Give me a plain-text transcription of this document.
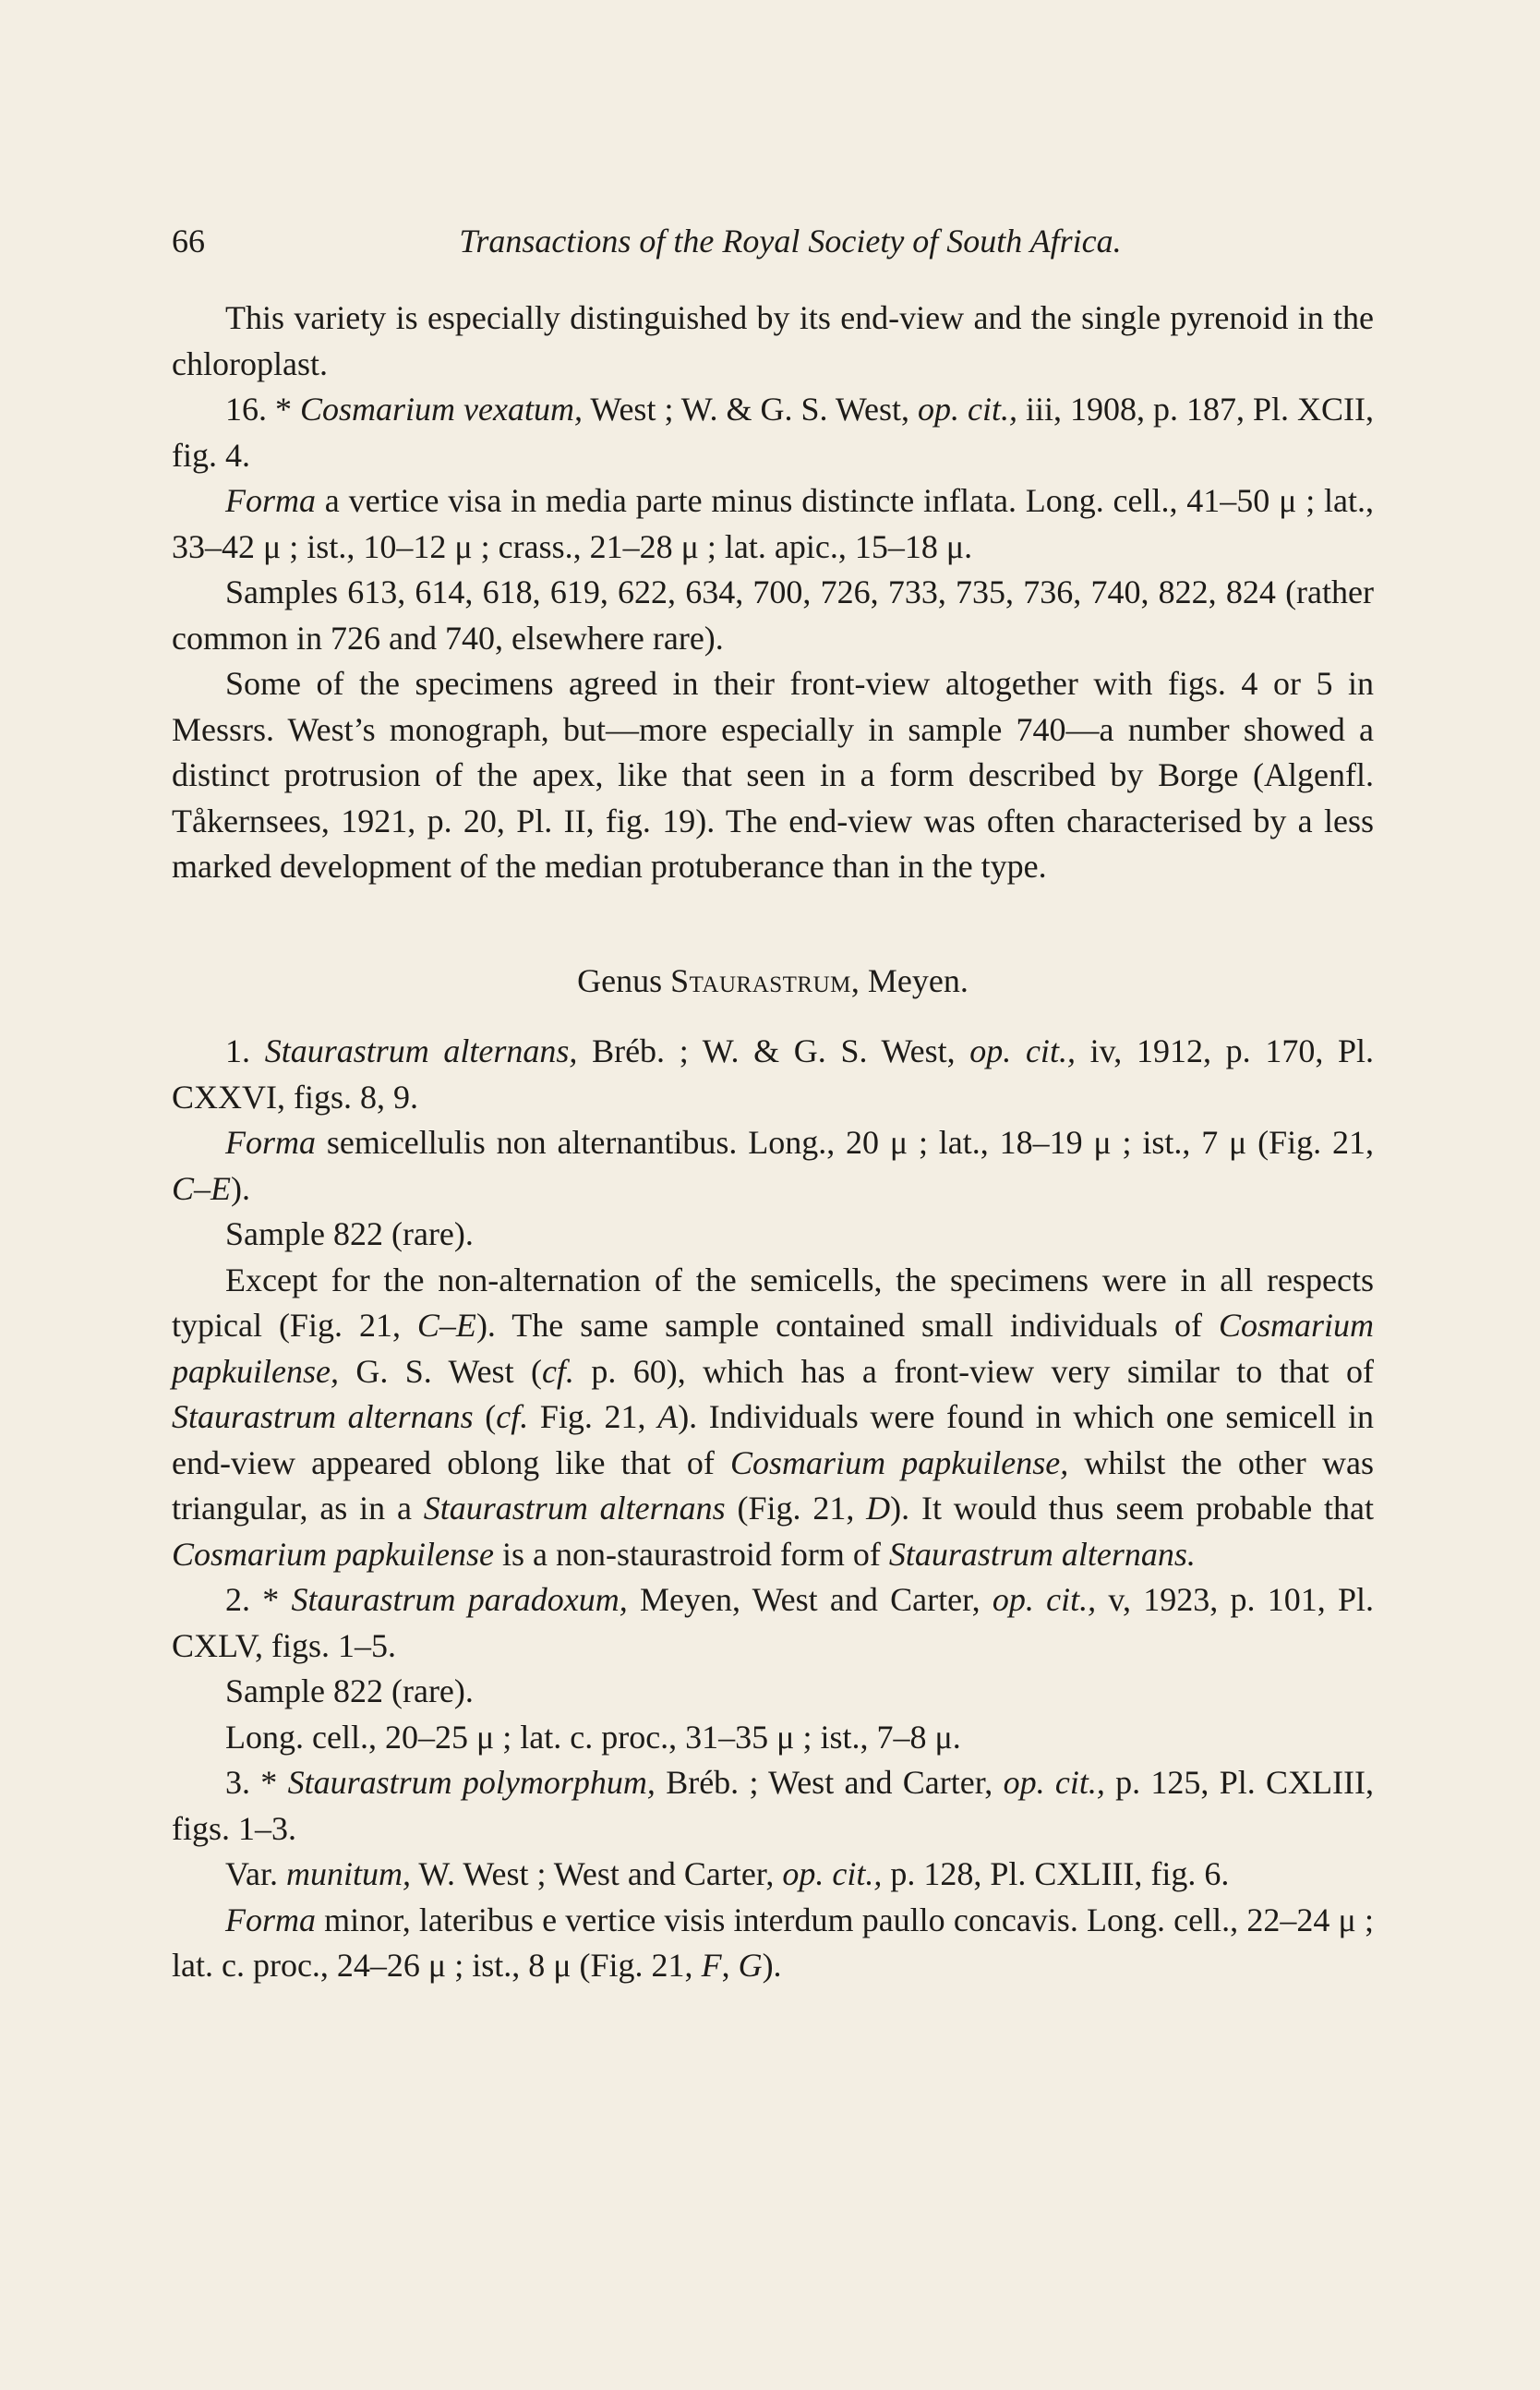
66	Transactions of the Royal Society of South Africa.

This variety is especially distinguished by its end-view and the single pyrenoid in the chloroplast.

16. * Cosmarium vexatum, West ; W. & G. S. West, op. cit., iii, 1908, p. 187, Pl. XCII, fig. 4.

Forma a vertice visa in media parte minus distincte inflata. Long. cell., 41–50 μ ; lat., 33–42 μ ; ist., 10–12 μ ; crass., 21–28 μ ; lat. apic., 15–18 μ.

Samples 613, 614, 618, 619, 622, 634, 700, 726, 733, 735, 736, 740, 822, 824 (rather common in 726 and 740, elsewhere rare).

Some of the specimens agreed in their front-view altogether with figs. 4 or 5 in Messrs. West’s monograph, but—more especially in sample 740—a number showed a distinct protrusion of the apex, like that seen in a form described by Borge (Algenfl. Tåkernsees, 1921, p. 20, Pl. II, fig. 19). The end-view was often characterised by a less marked development of the median protuberance than in the type.

Genus Staurastrum, Meyen.

1. Staurastrum alternans, Bréb. ; W. & G. S. West, op. cit., iv, 1912, p. 170, Pl. CXXVI, figs. 8, 9.

Forma semicellulis non alternantibus. Long., 20 μ ; lat., 18–19 μ ; ist., 7 μ (Fig. 21, C–E).

Sample 822 (rare).

Except for the non-alternation of the semicells, the specimens were in all respects typical (Fig. 21, C–E). The same sample contained small individuals of Cosmarium papkuilense, G. S. West (cf. p. 60), which has a front-view very similar to that of Staurastrum alternans (cf. Fig. 21, A). Individuals were found in which one semicell in end-view appeared oblong like that of Cosmarium papkuilense, whilst the other was triangular, as in a Staurastrum alternans (Fig. 21, D). It would thus seem probable that Cosmarium papkuilense is a non-staurastroid form of Staurastrum alternans.

2. * Staurastrum paradoxum, Meyen, West and Carter, op. cit., v, 1923, p. 101, Pl. CXLV, figs. 1–5.

Sample 822 (rare).

Long. cell., 20–25 μ ; lat. c. proc., 31–35 μ ; ist., 7–8 μ.

3. * Staurastrum polymorphum, Bréb. ; West and Carter, op. cit., p. 125, Pl. CXLIII, figs. 1–3.

Var. munitum, W. West ; West and Carter, op. cit., p. 128, Pl. CXLIII, fig. 6.

Forma minor, lateribus e vertice visis interdum paullo concavis. Long. cell., 22–24 μ ; lat. c. proc., 24–26 μ ; ist., 8 μ (Fig. 21, F, G).
